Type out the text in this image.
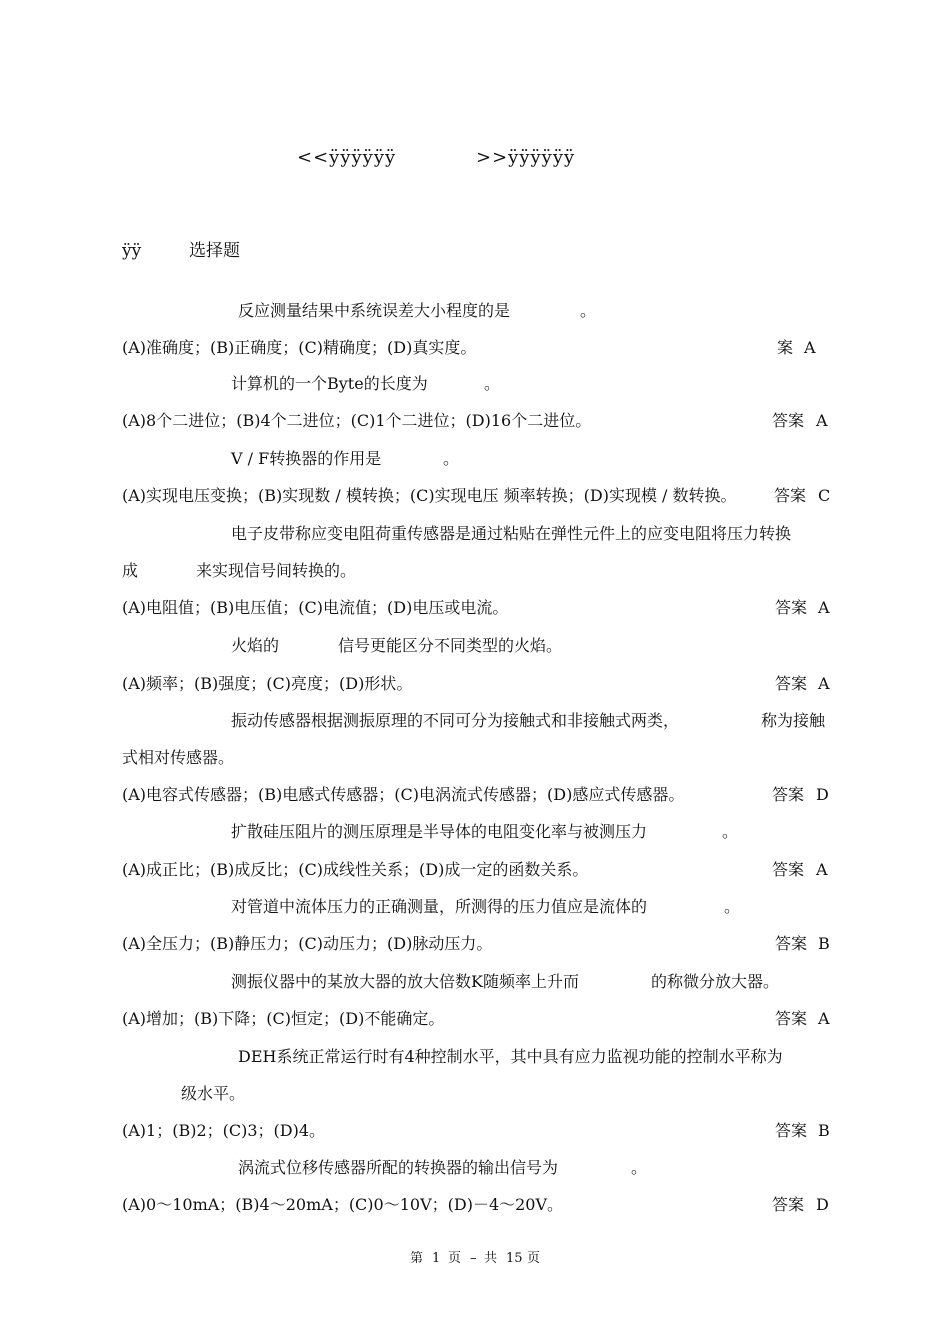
<<ÿÿÿÿÿÿ	>>ÿÿÿÿÿÿ
ÿÿ	选择题
反应测量结果中系统误差大小程度的是	。
(A)准确度；(B)正确度；(C)精确度；(D)真实度。	案 A
计算机的一个Byte的长度为	。
(A)8个二进位；(B)4个二进位；(C)1个二进位；(D)16个二进位。	答案 A
V / F转换器的作用是	。
(A)实现电压变换；(B)实现数 / 模转换；(C)实现电压 频率转换；(D)实现模 / 数转换。 答案 C
电子皮带称应变电阻荷重传感器是通过粘贴在弹性元件上的应变电阻将压力转换
成	来实现信号间转换的。
(A)电阻值；(B)电压值；(C)电流值；(D)电压或电流。	答案 A
火焰的	信号更能区分不同类型的火焰。
(A)频率；(B)强度；(C)亮度；(D)形状。	答案 A
振动传感器根据测振原理的不同可分为接触式和非接触式两类，	称为接触
式相对传感器。
(A)电容式传感器；(B)电感式传感器；(C)电涡流式传感器；(D)感应式传感器。	答案 D
扩散硅压阻片的测压原理是半导体的电阻变化率与被测压力	。
(A)成正比；(B)成反比；(C)成线性关系；(D)成一定的函数关系。	答案 A
对管道中流体压力的正确测量，所测得的压力值应是流体的	。
(A)全压力；(B)静压力；(C)动压力；(D)脉动压力。	答案 B
测振仪器中的某放大器的放大倍数K随频率上升而	的称微分放大器。
(A)增加；(B)下降；(C)恒定；(D)不能确定。	答案 A
DEH系统正常运行时有4种控制水平，其中具有应力监视功能的控制水平称为
级水平。
(A)1；(B)2；(C)3；(D)4。	答案 B
涡流式位移传感器所配的转换器的输出信号为	。
(A)0～10mA；(B)4～20mA；(C)0～10V；(D)－4～20V。	答案 D
第 1 页 – 共 15 页
